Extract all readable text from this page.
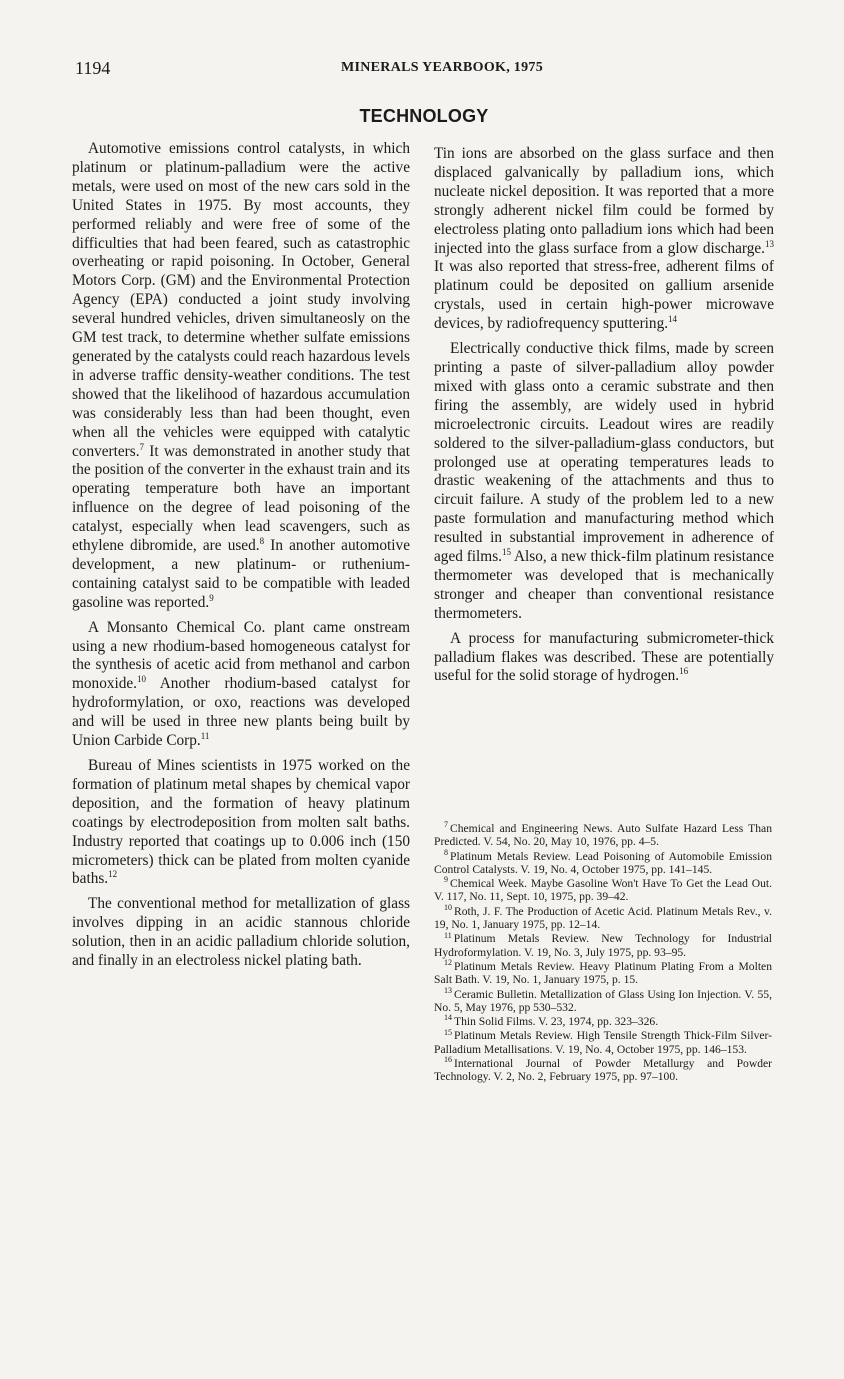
1194	MINERALS YEARBOOK, 1975
TECHNOLOGY

Automotive emissions control catalysts, in which platinum or platinum-palladium were the active metals, were used on most of the new cars sold in the United States in 1975. By most accounts, they performed reliably and were free of some of the difficulties that had been feared, such as catastrophic overheating or rapid poisoning. In October, General Motors Corp. (GM) and the Environmental Protection Agency (EPA) conducted a joint study involving several hundred vehicles, driven simultaneosly on the GM test track, to determine whether sulfate emissions generated by the catalysts could reach hazardous levels in adverse traffic density-weather conditions. The test showed that the likelihood of hazardous accumulation was considerably less than had been thought, even when all the vehicles were equipped with catalytic converters.$^7$ It was demonstrated in another study that the position of the converter in the exhaust train and its operating temperature both have an important influence on the degree of lead poisoning of the catalyst, especially when lead scavengers, such as ethylene dibromide, are used.$^8$ In another automotive development, a new platinum- or ruthenium-containing catalyst said to be compatible with leaded gasoline was reported.$^9$

A Monsanto Chemical Co. plant came onstream using a new rhodium-based homogeneous catalyst for the synthesis of acetic acid from methanol and carbon monoxide.$^{10}$ Another rhodium-based catalyst for hydroformylation, or oxo, reactions was developed and will be used in three new plants being built by Union Carbide Corp.$^{11}$

Bureau of Mines scientists in 1975 worked on the formation of platinum metal shapes by chemical vapor deposition, and the formation of heavy platinum coatings by electrodeposition from molten salt baths. Industry reported that coatings up to 0.006 inch (150 micrometers) thick can be plated from molten cyanide baths.$^{12}$

The conventional method for metallization of glass involves dipping in an acidic stannous chloride solution, then in an acidic palladium chloride solution, and finally in an electroless nickel plating bath.

Tin ions are absorbed on the glass surface and then displaced galvanically by palladium ions, which nucleate nickel deposition. It was reported that a more strongly adherent nickel film could be formed by electroless plating onto palladium ions which had been injected into the glass surface from a glow discharge.$^{13}$ It was also reported that stress-free, adherent films of platinum could be deposited on gallium arsenide crystals, used in certain high-power microwave devices, by radiofrequency sputtering.$^{14}$

Electrically conductive thick films, made by screen printing a paste of silver-palladium alloy powder mixed with glass onto a ceramic substrate and then firing the assembly, are widely used in hybrid microelectronic circuits. Leadout wires are readily soldered to the silver-palladium-glass conductors, but prolonged use at operating temperatures leads to drastic weakening of the attachments and thus to circuit failure. A study of the problem led to a new paste formulation and manufacturing method which resulted in substantial improvement in adherence of aged films.$^{15}$ Also, a new thick-film platinum resistance thermometer was developed that is mechanically stronger and cheaper than conventional resistance thermometers.

A process for manufacturing submicrometer-thick palladium flakes was described. These are potentially useful for the solid storage of hydrogen.$^{16}$

$^7$ Chemical and Engineering News. Auto Sulfate Hazard Less Than Predicted. V. 54, No. 20, May 10, 1976, pp. 4–5.
$^8$ Platinum Metals Review. Lead Poisoning of Automobile Emission Control Catalysts. V. 19, No. 4, October 1975, pp. 141–145.
$^9$ Chemical Week. Maybe Gasoline Won't Have To Get the Lead Out. V. 117, No. 11, Sept. 10, 1975, pp. 39–42.
$^{10}$ Roth, J. F. The Production of Acetic Acid. Platinum Metals Rev., v. 19, No. 1, January 1975, pp. 12–14.
$^{11}$ Platinum Metals Review. New Technology for Industrial Hydroformylation. V. 19, No. 3, July 1975, pp. 93–95.
$^{12}$ Platinum Metals Review. Heavy Platinum Plating From a Molten Salt Bath. V. 19, No. 1, January 1975, p. 15.
$^{13}$ Ceramic Bulletin. Metallization of Glass Using Ion Injection. V. 55, No. 5, May 1976, pp 530–532.
$^{14}$ Thin Solid Films. V. 23, 1974, pp. 323–326.
$^{15}$ Platinum Metals Review. High Tensile Strength Thick-Film Silver-Palladium Metallisations. V. 19, No. 4, October 1975, pp. 146–153.
$^{16}$ International Journal of Powder Metallurgy and Powder Technology. V. 2, No. 2, February 1975, pp. 97–100.
